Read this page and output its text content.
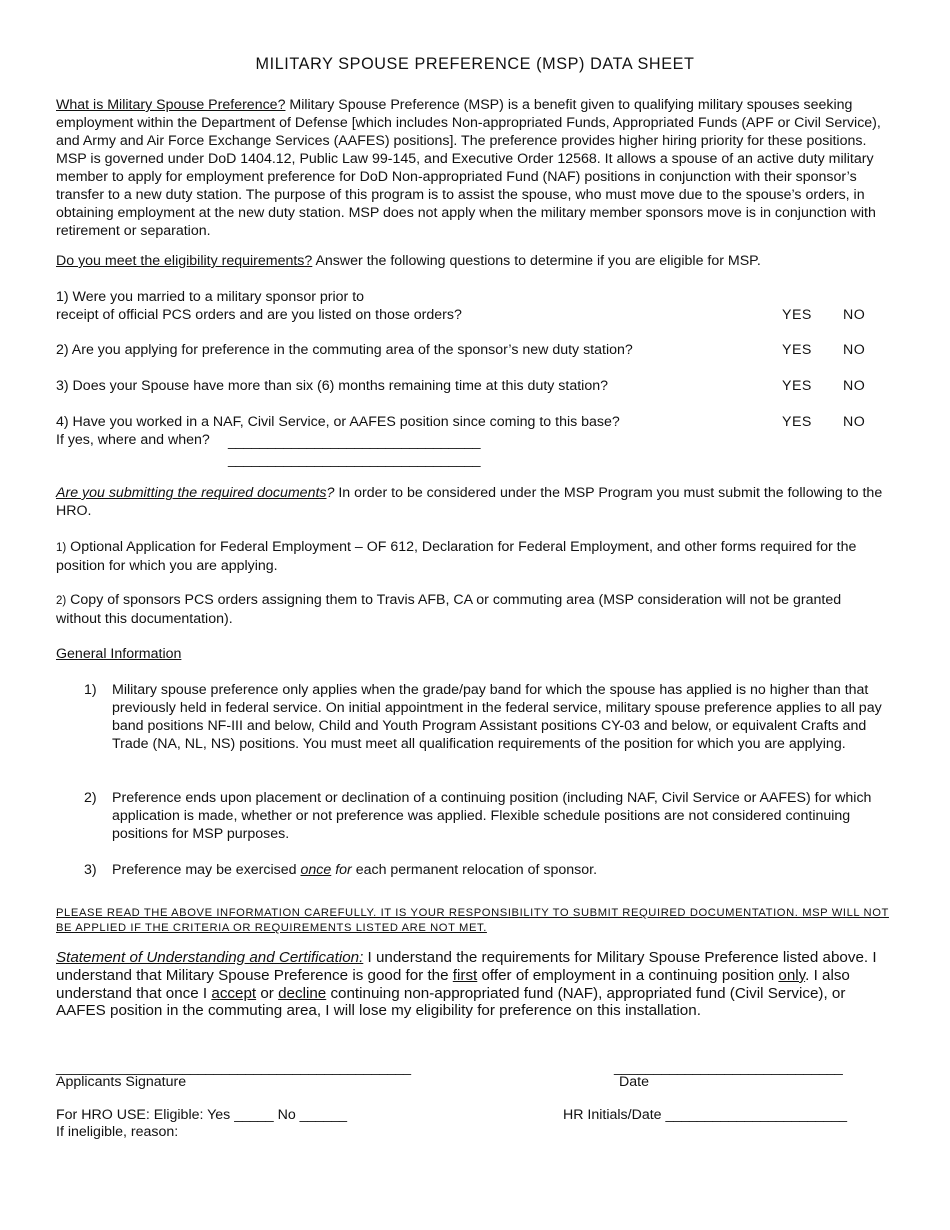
MILITARY SPOUSE PREFERENCE (MSP) DATA SHEET
What is Military Spouse Preference? Military Spouse Preference (MSP) is a benefit given to qualifying military spouses seeking employment within the Department of Defense [which includes Non-appropriated Funds, Appropriated Funds (APF or Civil Service), and Army and Air Force Exchange Services (AAFES) positions]. The preference provides higher hiring priority for these positions. MSP is governed under DoD 1404.12, Public Law 99-145, and Executive Order 12568. It allows a spouse of an active duty military member to apply for employment preference for DoD Non-appropriated Fund (NAF) positions in conjunction with their sponsor’s transfer to a new duty station. The purpose of this program is to assist the spouse, who must move due to the spouse’s orders, in obtaining employment at the new duty station. MSP does not apply when the military member sponsors move is in conjunction with retirement or separation.
Do you meet the eligibility requirements? Answer the following questions to determine if you are eligible for MSP.
1) Were you married to a military sponsor prior to
receipt of official PCS orders and are you listed on those orders?	YES NO
2) Are you applying for preference in the commuting area of the sponsor’s new duty station?	YES NO
3) Does your Spouse have more than six (6) months remaining time at this duty station?	YES NO
4) Have you worked in a NAF, Civil Service, or AAFES position since coming to this base?	YES NO
If yes, where and when? ________________________________
________________________________
Are you submitting the required documents? In order to be considered under the MSP Program you must submit the following to the HRO.
1) Optional Application for Federal Employment – OF 612, Declaration for Federal Employment, and other forms required for the position for which you are applying.
2) Copy of sponsors PCS orders assigning them to Travis AFB, CA or commuting area (MSP consideration will not be granted without this documentation).
General Information
1)	Military spouse preference only applies when the grade/pay band for which the spouse has applied is no higher than that previously held in federal service. On initial appointment in the federal service, military spouse preference applies to all pay band positions NF-III and below, Child and Youth Program Assistant positions CY-03 and below, or equivalent Crafts and Trade (NA, NL, NS) positions. You must meet all qualification requirements of the position for which you are applying.
2)	Preference ends upon placement or declination of a continuing position (including NAF, Civil Service or AAFES) for which application is made, whether or not preference was applied. Flexible schedule positions are not considered continuing positions for MSP purposes.
3)	Preference may be exercised once for each permanent relocation of sponsor.
PLEASE READ THE ABOVE INFORMATION CAREFULLY. IT IS YOUR RESPONSIBILITY TO SUBMIT REQUIRED DOCUMENTATION. MSP WILL NOT BE APPLIED IF THE CRITERIA OR REQUIREMENTS LISTED ARE NOT MET.
Statement of Understanding and Certification: I understand the requirements for Military Spouse Preference listed above. I understand that Military Spouse Preference is good for the first offer of employment in a continuing position only. I also understand that once I accept or decline continuing non-appropriated fund (NAF), appropriated fund (Civil Service), or AAFES position in the commuting area, I will lose my eligibility for preference on this installation.
_____________________________________________
Applicants Signature
_____________________________
Date
For HRO USE: Eligible: Yes _____ No ______	HR Initials/Date _______________________
If ineligible, reason:
